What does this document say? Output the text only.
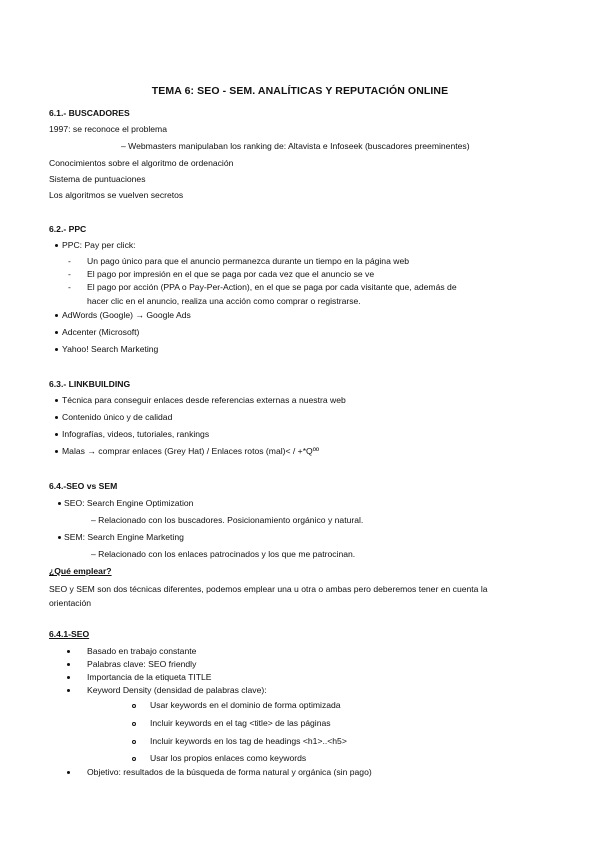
TEMA 6: SEO - SEM. ANALÍTICAS Y REPUTACIÓN ONLINE
6.1.- BUSCADORES
1997: se reconoce el problema
– Webmasters manipulaban los ranking de: Altavista e Infoseek (buscadores preeminentes)
Conocimientos sobre el algoritmo de ordenación
Sistema de puntuaciones
Los algoritmos se vuelven secretos
6.2.- PPC
PPC: Pay per click:
- Un pago único para que el anuncio permanezca durante un tiempo en la página web
- El pago por impresión en el que se paga por cada vez que el anuncio se ve
- El pago por acción (PPA o Pay-Per-Action), en el que se paga por cada visitante que, además de
hacer clic en el anuncio, realiza una acción como comprar o registrarse.
AdWords (Google) → Google Ads
Adcenter (Microsoft)
Yahoo! Search Marketing
6.3.- LINKBUILDING
Técnica para conseguir enlaces desde referencias externas a nuestra web
Contenido único y de calidad
Infografías, videos, tutoriales, rankings
Malas → comprar enlaces (Grey Hat) / Enlaces rotos (mal)< / +*Qºº
6.4.-SEO vs SEM
SEO: Search Engine Optimization
– Relacionado con los buscadores. Posicionamiento orgánico y natural.
SEM: Search Engine Marketing
– Relacionado con los enlaces patrocinados y los que me patrocinan.
¿Qué emplear?
SEO y SEM son dos técnicas diferentes, podemos emplear una u otra o ambas pero deberemos tener en cuenta la
orientación
6.4.1-SEO
Basado en trabajo constante
Palabras clave: SEO friendly
Importancia de la etiqueta TITLE
Keyword Density (densidad de palabras clave):
Usar keywords en el dominio de forma optimizada
Incluir keywords en el tag <title> de las páginas
Incluir keywords en los tag de headings <h1>..<h5>
Usar los propios enlaces como keywords
Objetivo: resultados de la búsqueda de forma natural y orgánica (sin pago)
